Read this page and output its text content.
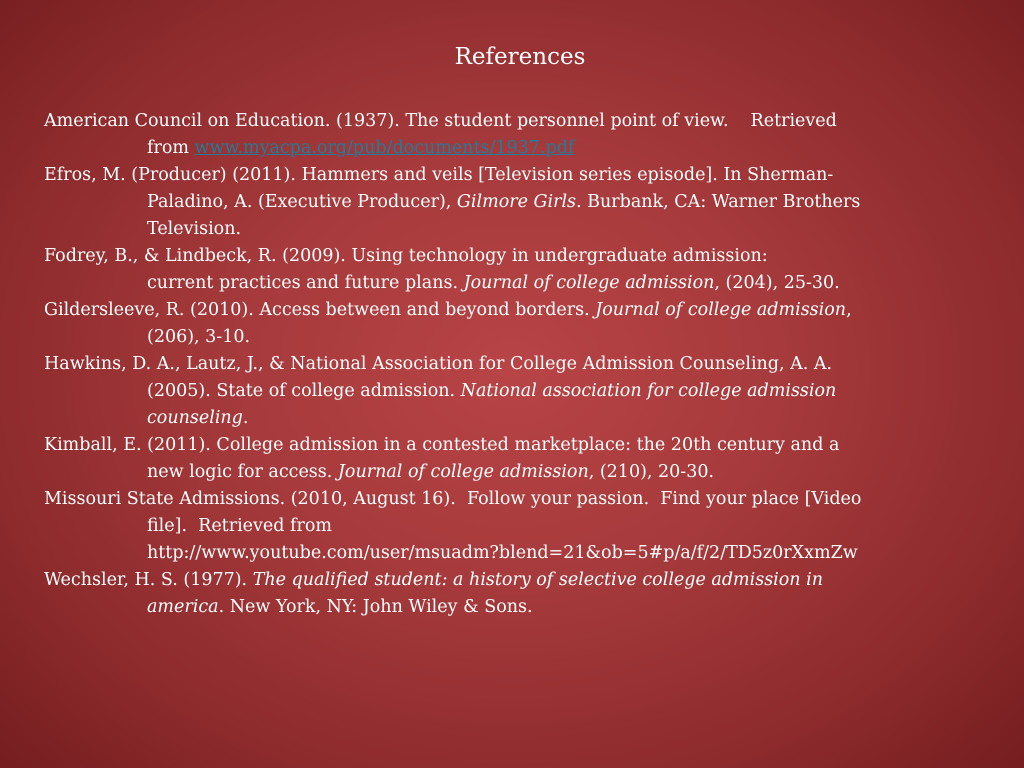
References
American Council on Education. (1937). The student personnel point of view. Retrieved
from www.myacpa.org/pub/documents/1937.pdf
Efros, M. (Producer) (2011). Hammers and veils [Television series episode]. In Sherman-
Paladino, A. (Executive Producer), Gilmore Girls. Burbank, CA: Warner Brothers
Television.
Fodrey, B., & Lindbeck, R. (2009). Using technology in undergraduate admission:
current practices and future plans. Journal of college admission, (204), 25-30.
Gildersleeve, R. (2010). Access between and beyond borders. Journal of college admission,
(206), 3-10.
Hawkins, D. A., Lautz, J., & National Association for College Admission Counseling, A. A.
(2005). State of college admission. National association for college admission
counseling.
Kimball, E. (2011). College admission in a contested marketplace: the 20th century and a
new logic for access. Journal of college admission, (210), 20-30.
Missouri State Admissions. (2010, August 16).  Follow your passion.  Find your place [Video
file].  Retrieved from
http://www.youtube.com/user/msuadm?blend=21&ob=5#p/a/f/2/TD5z0rXxmZw
Wechsler, H. S. (1977). The qualified student: a history of selective college admission in
america. New York, NY: John Wiley & Sons.
